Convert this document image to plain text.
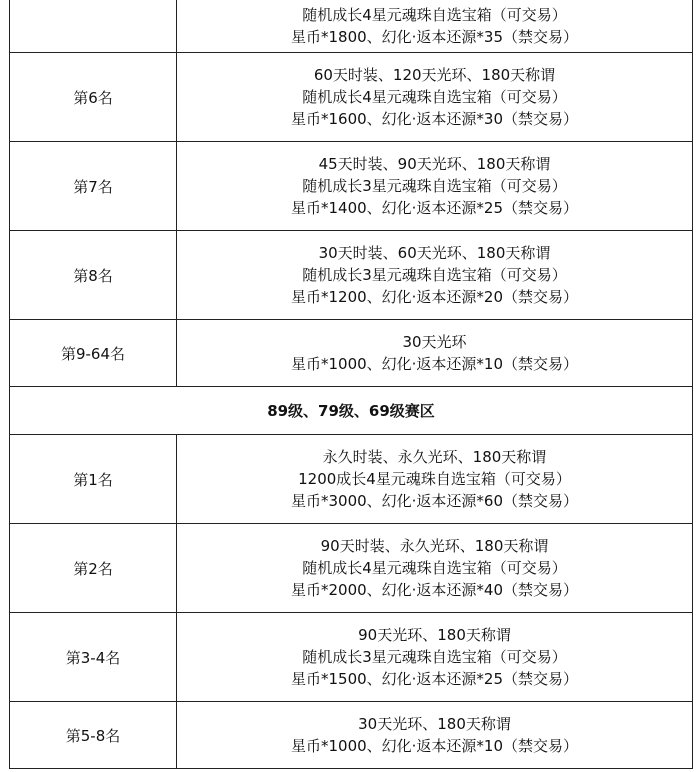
	随机成长4星元魂珠自选宝箱（可交易）
星币*1800、幻化·返本还源*35（禁交易）

第6名	60天时装、120天光环、180天称谓
随机成长4星元魂珠自选宝箱（可交易）
星币*1600、幻化·返本还源*30（禁交易）

第7名	45天时装、90天光环、180天称谓
随机成长3星元魂珠自选宝箱（可交易）
星币*1400、幻化·返本还源*25（禁交易）

第8名	30天时装、60天光环、180天称谓
随机成长3星元魂珠自选宝箱（可交易）
星币*1200、幻化·返本还源*20（禁交易）

第9-64名	30天光环
星币*1000、幻化·返本还源*10（禁交易）

89级、79级、69级赛区	
第1名	永久时装、永久光环、180天称谓
1200成长4星元魂珠自选宝箱（可交易）
星币*3000、幻化·返本还源*60（禁交易）

第2名	90天时装、永久光环、180天称谓
随机成长4星元魂珠自选宝箱（可交易）
星币*2000、幻化·返本还源*40（禁交易）

第3-4名	90天光环、180天称谓
随机成长3星元魂珠自选宝箱（可交易）
星币*1500、幻化·返本还源*25（禁交易）

第5-8名	30天光环、180天称谓
星币*1000、幻化·返本还源*10（禁交易）
